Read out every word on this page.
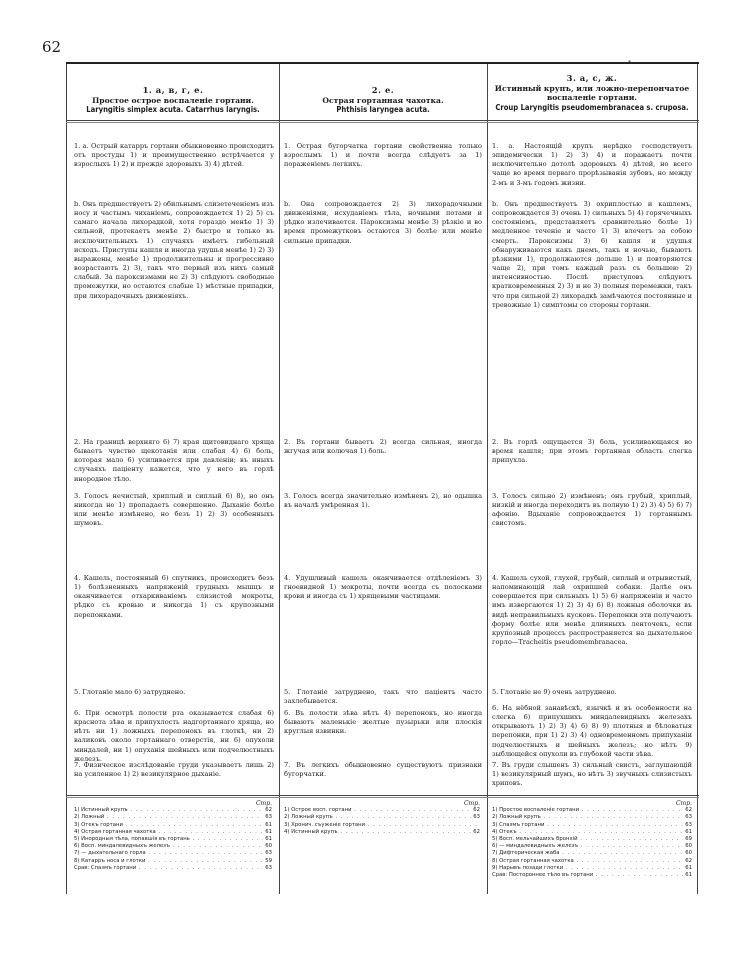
62
*
1. а, в, г, е.
Простое острое воспаленіе гортани.
Laryngitis simplex acuta. Catarrhus laryngis.
1. а. Острый катарръ гортани обыкновенно происходитъ отъ простуды 1) и преимущественно встрѣчается у взрослыхъ 1) 2) и прежде здоровыхъ 3) 4) дѣтей.
b. Онъ предшествуетъ 2) обильнымъ слизетеченіемъ изъ носу и частымъ чиханіемъ, сопровождается 1) 2) 5) съ самаго начала лихорадкой, хотя гораздо менѣе 1) 3) сильной, протекаетъ менѣе 2) быстро и только въ исключительныхъ 1) случаяхъ имѣетъ гибельный исходъ. Приступы кашля и иногда удушья менѣе 1) 2) 3) выражены, менѣе 1) продолжительны и прогрессивно возрастаютъ 2) 3), такъ что первый изъ нихъ самый слабый. За пароксизмами не 2) 3) слѣдуютъ свободные промежутки, но остаются слабые 1) мѣстные припадки, при лихорадочныхъ движеніяхъ.
2. На границѣ верхняго 6) 7) края щитовиднаго хряща бываетъ чувство щекотанія или слабая 4) 6) боль, которая мало 6) усиливается при давленіи; въ иныхъ случаяхъ пацiенту кажется, что у него въ горлѣ инородное тѣло.
3. Голосъ нечистый, хриплый и сиплый 6) 8), но онъ никогда не 1) пропадаетъ совершенно. Дыханіе болѣе или менѣе измѣнено, но безъ 1) 2) 3) особенныхъ шумовъ.
4. Кашель, постоянный 6) спутникъ, происходитъ безъ 1) болѣзненныхъ напряженій грудныхъ мышцъ и оканчивается отхаркиваніемъ слизистой мокроты, рѣдко съ кровью и никогда 1) съ крупозными перепонками.
5. Глотаніе мало 6) затруднено.
6. При осмотрѣ полости рта оказывается слабая 6) краснота зѣва и припухлость надгортаннаго хряща, но нѣтъ ни 1) ложныхъ перепонокъ въ глоткѣ, ни 2) валиковъ около гортаннаго отверстія, ни 6) опухоли миндалей, ни 1) опуханія шейныхъ или подчелюстныхъ железъ.
7. Физическое изслѣдованіе груди указываетъ лишь 2) на усиленное 1) 2) везикулярное дыханіе.
Стр.
1) Истинный крупъ . . .	62
2) Ложный . . .	63
3) Отекъ гортани . . .	61
4) Острая гортанная чахотка . . .	61
5) Инородныя тѣла, попавшія въ гортань . . .	61
6) Восп. миндалевидныхъ железъ . . .	60
7) — дыхательнаго горла . . .	63
8) Катарръ носа и глотки . . .	59
Срав: Спазмъ гортани . . .	63
2. е.
Острая гортанная чахотка.
Phthisis laryngea acuta.
1. Острая бугорчатка гортани свойственна только взрослымъ 1) и почти всегда слѣдуетъ за 1) пораженіемъ легкихъ.
b. Она сопровождается 2) 3) лихорадочными движеніями, исхуданіемъ тѣла, ночными потами и рѣдко излечивается. Пароксизмы менѣе 3) рѣзкіе и во время промежутковъ остаются 3) болѣе или менѣе сильные припадки.
2. Въ гортани бываетъ 2) всегда сильная, иногда жгучая или колючая 1) боль.
3. Голосъ всегда значительно измѣненъ 2), но одышка въ началѣ умѣренная 1).
4. Удушливый кашель оканчивается отдѣленіемъ 3) гноевидной 1) мокроты, почти всегда съ полосками крови и иногда съ 1) хрящевыми частицами.
5. Глотаніе затруднено, такъ что паціентъ часто захлебывается.
6. Въ полости зѣва нѣтъ 4) перепонокъ, но иногда бываютъ маленькіе желтые пузырьки или плоскія круглыя язвинки.
7. Въ легкихъ обыкновенно существуютъ признаки бугорчатки.
Стр.
1) Острое восп. гортани . . .	62
2) Ложный крупъ . . .	63
3) Хронич. съуженіе гортани . . .
4) Истинный крупъ . . .	62
3. а, с, ж.
Истинный крупъ, или ложно-перепончатое воспаленіе гортани.
Croup Laryngitis pseudomembranacea s. cruposa.
1. а. Настоящій крупъ нерѣдко господствуетъ эпидемически 1) 2) 3) 4) и поражаетъ почти исключительно дотолѣ здоровыхъ 4) дѣтей, но всего чаще во время перваго прорѣзыванія зубовъ, но между 2-мъ и 3-мъ годомъ жизни.
b. Онъ предшествуетъ 3) охриплостью и кашлемъ, сопровождается 3) очень 1) сильныхъ 5) 4) горячечныхъ состояніемъ, представляетъ сравнительно болѣе 1) медленное теченіе и часто 1) 3) влечетъ за собою смерть. Пароксизмы 3) 6) кашля и удушья обнаруживаются какъ днемъ, такъ и ночью, бываютъ рѣзкими 1), продолжаются дольше 1) и повторяются чаще 2), при томъ каждый разъ съ большею 2) интенсивностью. Послѣ приступовъ слѣдуютъ кратковременныя 2) 3) и не 3) полныя перемежки, такъ что при сильной 2) лихорадкѣ замѣчаются постоянные и тревожные 1) симптомы со стороны гортани.
2. Въ горлѣ ощущается 3) боль, усиливающаяся во время кашля; при этомъ гортанная область слегка припухла.
3. Голосъ сильно 2) измѣненъ; онъ грубый, хриплый, низкій и иногда переходитъ въ полную 1) 2) 3) 4) 5) 6) 7) афонію. Вдыханіе сопровождается 1) гортаннымъ свистомъ.
4. Кашель сухой, глухой, грубый, сиплый и отрывистый, напоминающій лай охрипшей собаки. Далѣе онъ совершается при сильныхъ 1) 5) 6) напряженіи и часто имъ извергаются 1) 2) 3) 4) 6) 8) ложныя оболочки въ видѣ неправильныхъ кусковъ. Перепонки эти получаютъ форму болѣе или менѣе длинныхъ ленточекъ, если крупозный процессъ распространяется на дыхательное горло—Tracheitis pseudomembranacea.
5. Глотаніе не 9) очень затруднено.
6. На нёбной занавѣскѣ, язычкѣ и въ особенности на слегка 6) припухшихъ миндалевидныхъ железахъ открываютъ 1) 2) 3) 4) 6) 8) 9) плотныя и бѣловатыя перепонки, при 1) 2) 3) 4) одновременномъ припуханіи подчелюстныхъ и шейныхъ железъ; но нѣтъ 9) зыблющейся опухоли въ глубокой части зѣва.
7. Въ груди слышенъ 3) сильный свистъ, заглушающій 1) везикулярный шумъ, но нѣтъ 3) звучныхъ слизистыхъ хриповъ.
Стр.
1) Простое воспаленіе гортани . . .	62
2) Ложный крупъ . . .	63
3) Спазмъ гортани . . .	63
4) Отекъ . . .	61
5) Восп. мельчайшихъ бронхій . . .	69
6) — миндалевидныхъ железъ . . .	60
7) Дифтерическая жаба . . .	60
8) Острая гортанная чахотка . . .	62
9) Нарывъ позади глотки . . .	61
Срав: Постороннее тѣло въ гортани . . .	61
